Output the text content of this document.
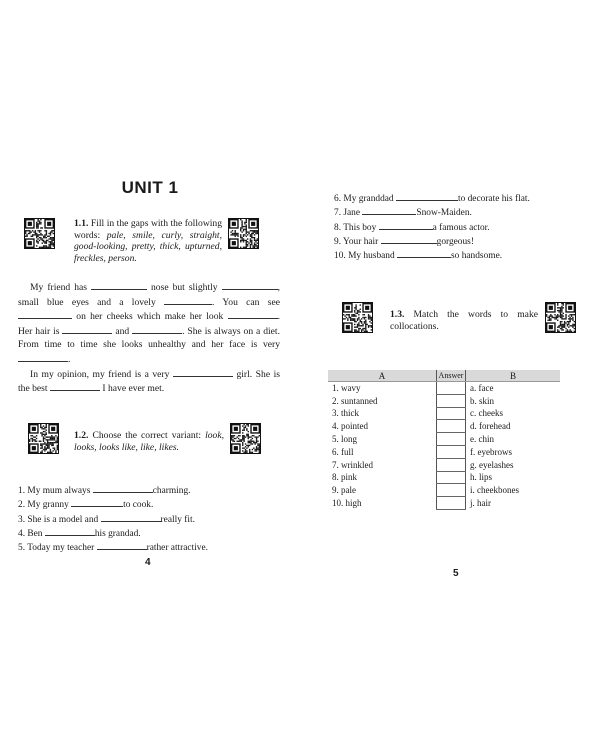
UNIT 1
1.1. Fill in the gaps with the following words: pale, smile, curly, straight, good-looking, pretty, thick, upturned, freckles, person.

My friend has	nose but slightly	, small blue eyes and a lovely	. You can see  on her cheeks which make her look	. Her hair is	and	. She is always on a diet. From time to time she looks unhealthy and her face is very .

In my opinion, my friend is a very	girl. She is the best	I have ever met.

1.2. Choose the correct variant: look, looks, looks like, like, likes.
1. My mum always	charming.
2. My granny	to cook.
3. She is a model and	really fit.
4. Ben	his grandad.
5. Today my teacher	rather attractive.
4
6. My granddad	to decorate his flat.
7. Jane	Snow-Maiden.
8. This boy	a famous actor.
9. Your hair	gorgeous!
10. My husband	so handsome.
1.3. Match the words to make collocations.
A	Answer	B
1. wavy		a. face
2. suntanned		b. skin
3. thick		c. cheeks
4. pointed		d. forehead
5. long		e. chin
6. full		f. eyebrows
7. wrinkled		g. eyelashes
8. pink		h. lips
9. pale		i. cheekbones
10. high		j. hair
5
